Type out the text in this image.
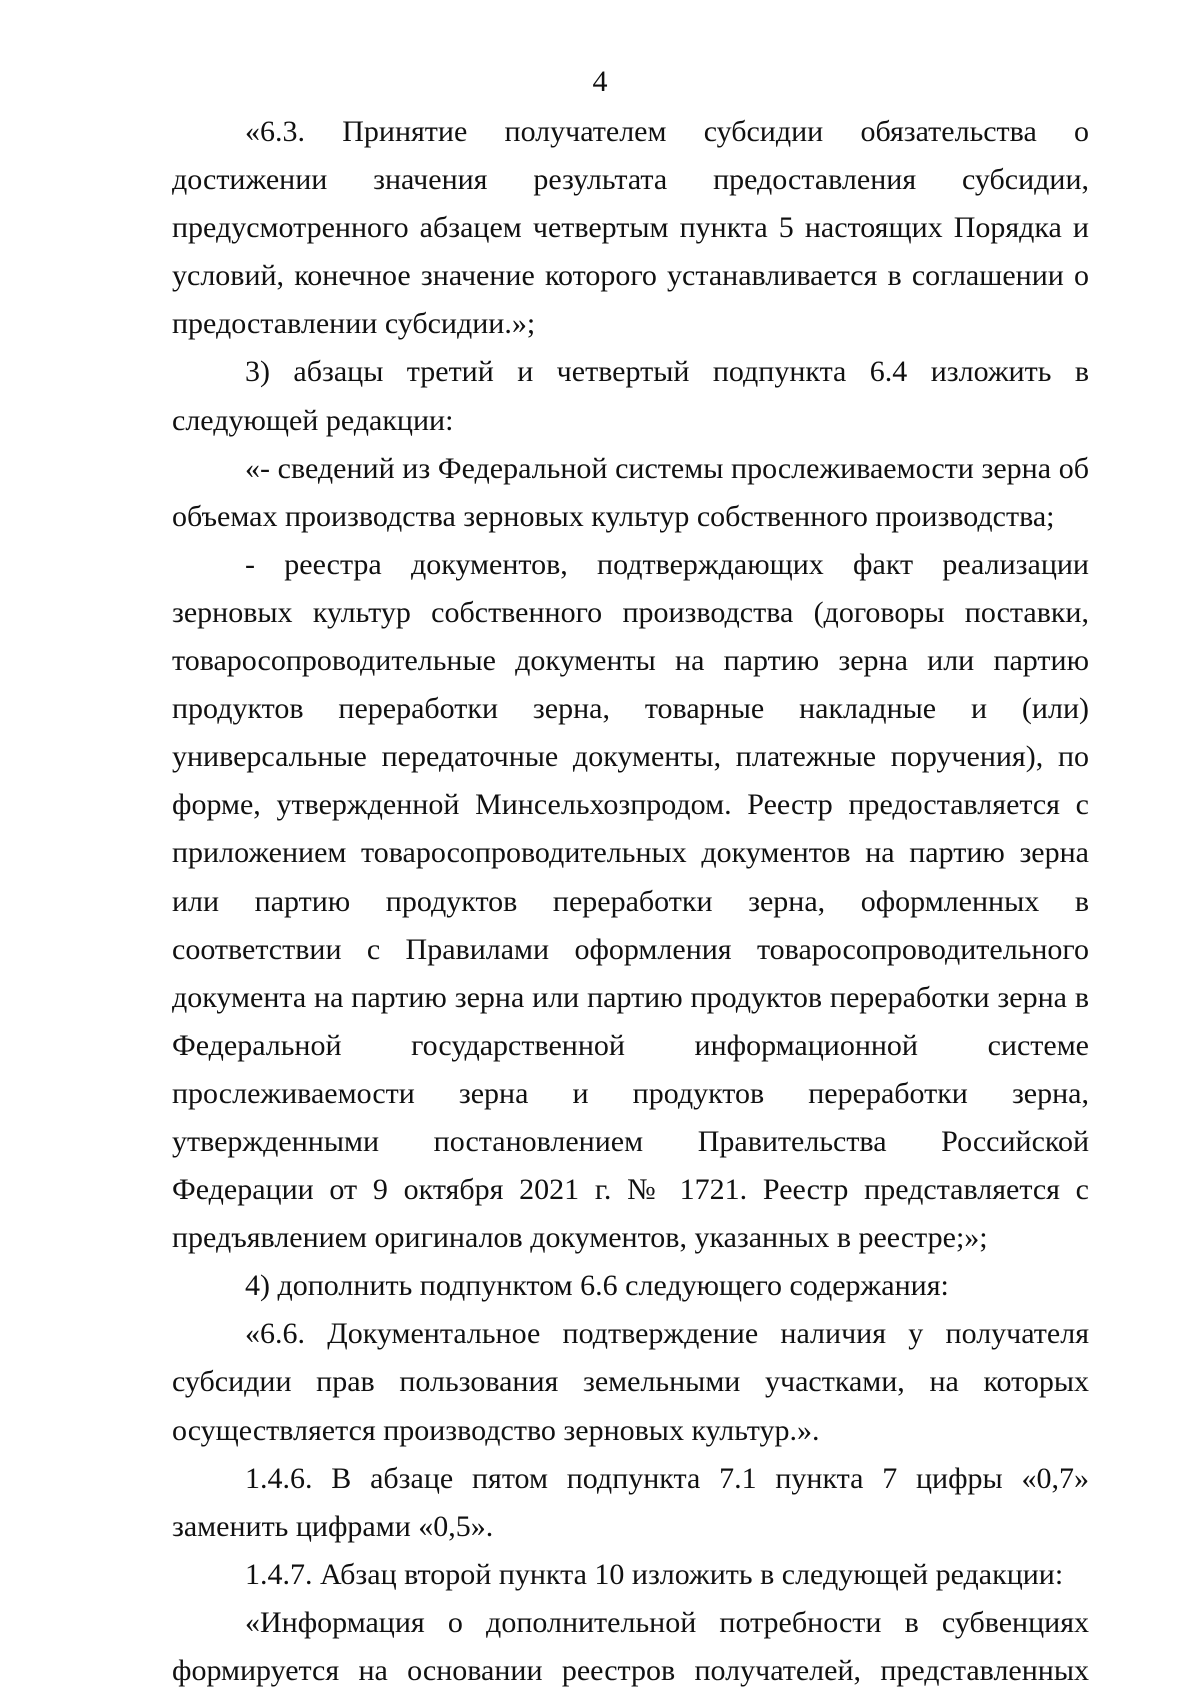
4

«6.3. Принятие получателем субсидии обязательства о достижении значения результата предоставления субсидии, предусмотренного абзацем четвертым пункта 5 настоящих Порядка и условий, конечное значение которого устанавливается в соглашении о предоставлении субсидии.»;

3) абзацы третий и четвертый подпункта 6.4 изложить в следующей редакции:

«- сведений из Федеральной системы прослеживаемости зерна об объемах производства зерновых культур собственного производства;

- реестра документов, подтверждающих факт реализации зерновых культур собственного производства (договоры поставки, товаросопроводительные документы на партию зерна или партию продуктов переработки зерна, товарные накладные и (или) универсальные передаточные документы, платежные поручения), по форме, утвержденной Минсельхозпродом. Реестр предоставляется с приложением товаросопроводительных документов на партию зерна или партию продуктов переработки зерна, оформленных в соответствии с Правилами оформления товаросопроводительного документа на партию зерна или партию продуктов переработки зерна в Федеральной государственной информационной системе прослеживаемости зерна и продуктов переработки зерна, утвержденными постановлением Правительства Российской Федерации от 9 октября 2021 г. № 1721. Реестр представляется с предъявлением оригиналов документов, указанных в реестре;»;

4) дополнить подпунктом 6.6 следующего содержания:

«6.6. Документальное подтверждение наличия у получателя субсидии прав пользования земельными участками, на которых осуществляется производство зерновых культур.».

1.4.6. В абзаце пятом подпункта 7.1 пункта 7 цифры «0,7» заменить цифрами «0,5».

1.4.7. Абзац второй пункта 10 изложить в следующей редакции:

«Информация о дополнительной потребности в субвенциях формируется на основании реестров получателей, представленных
